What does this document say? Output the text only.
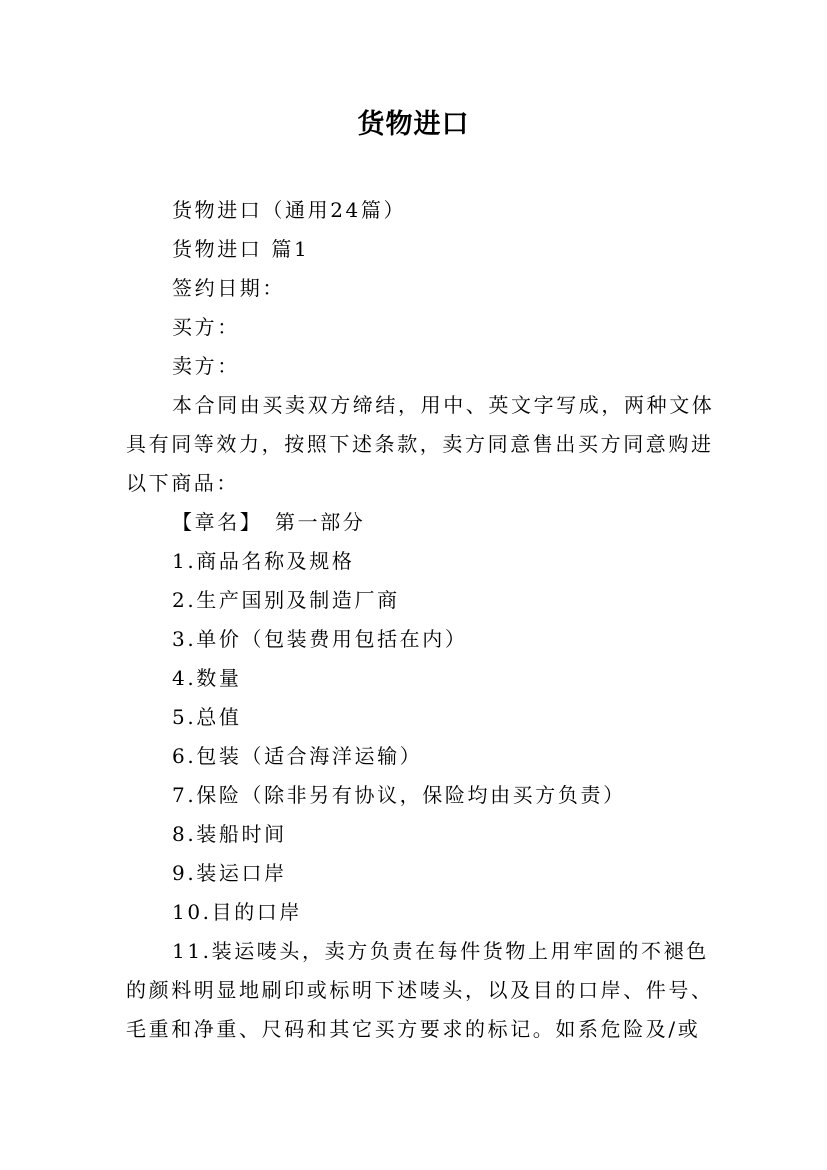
货物进口
货物进口（通用24篇）
货物进口 篇1
签约日期：
买方：
卖方：
本合同由买卖双方缔结，用中、英文字写成，两种文体
具有同等效力，按照下述条款，卖方同意售出买方同意购进
以下商品：
【章名】　第一部分
1.商品名称及规格
2.生产国别及制造厂商
3.单价（包装费用包括在内）
4.数量
5.总值
6.包装（适合海洋运输）
7.保险（除非另有协议，保险均由买方负责）
8.装船时间
9.装运口岸
10.目的口岸
11.装运唛头，卖方负责在每件货物上用牢固的不褪色
的颜料明显地刷印或标明下述唛头，以及目的口岸、件号、
毛重和净重、尺码和其它买方要求的标记。如系危险及/或
